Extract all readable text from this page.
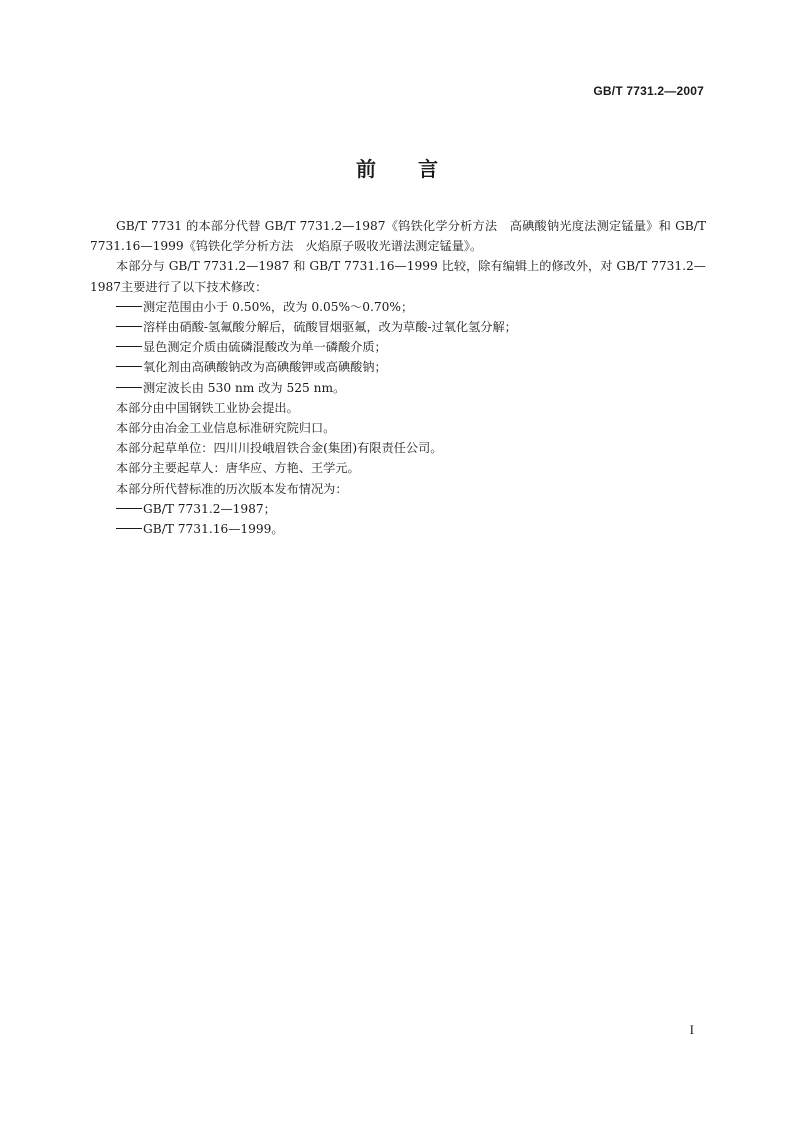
GB/T 7731.2—2007
前 言

GB/T 7731 的本部分代替 GB/T 7731.2—1987《钨铁化学分析方法　高碘酸钠光度法测定锰量》和 GB/T 7731.16—1999《钨铁化学分析方法　火焰原子吸收光谱法测定锰量》。

本部分与 GB/T 7731.2—1987 和 GB/T 7731.16—1999 比较，除有编辑上的修改外，对 GB/T 7731.2—1987主要进行了以下技术修改：

测定范围由小于 0.50%，改为 0.05%～0.70%；

溶样由硝酸-氢氟酸分解后，硫酸冒烟驱氟，改为草酸-过氧化氢分解；

显色测定介质由硫磷混酸改为单一磷酸介质；

氧化剂由高碘酸钠改为高碘酸钾或高碘酸钠；

测定波长由 530 nm 改为 525 nm。

本部分由中国钢铁工业协会提出。

本部分由冶金工业信息标准研究院归口。

本部分起草单位：四川川投峨眉铁合金(集团)有限责任公司。

本部分主要起草人：唐华应、方艳、王学元。

本部分所代替标准的历次版本发布情况为：

GB/T 7731.2—1987；

GB/T 7731.16—1999。

I
